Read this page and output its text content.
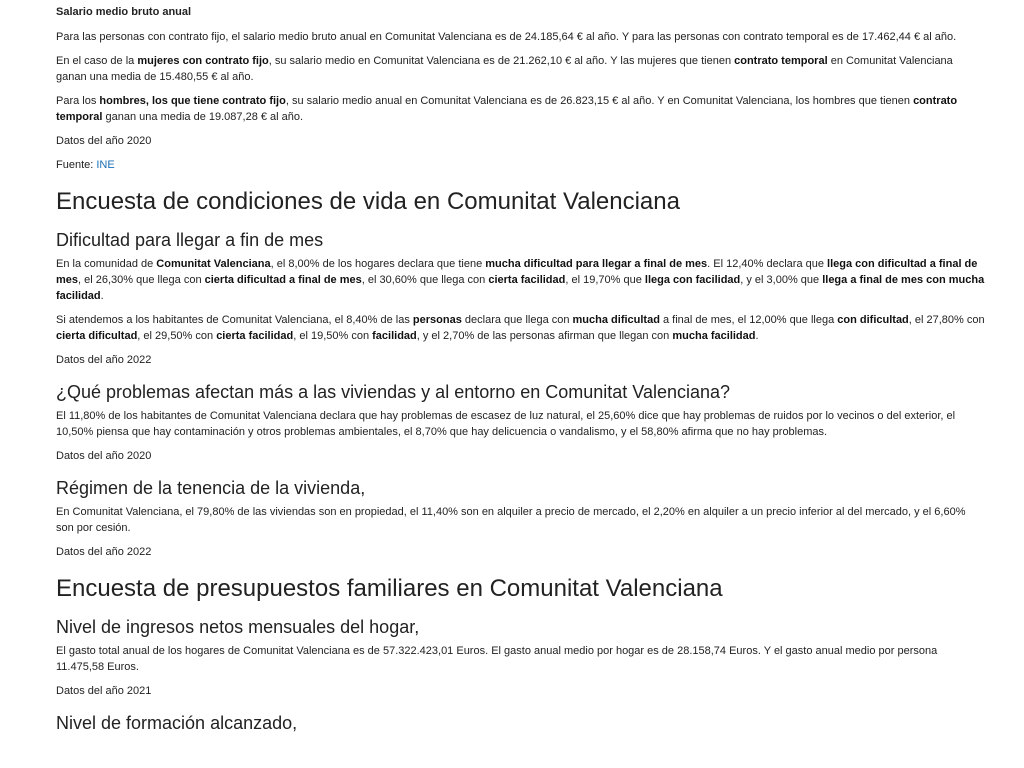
Salario medio bruto anual

Para las personas con contrato fijo, el salario medio bruto anual en Comunitat Valenciana es de 24.185,64 € al año. Y para las personas con contrato temporal es de 17.462,44 € al año.

En el caso de la mujeres con contrato fijo, su salario medio en Comunitat Valenciana es de 21.262,10 € al año. Y las mujeres que tienen contrato temporal en Comunitat Valenciana ganan una media de 15.480,55 € al año.

Para los hombres, los que tiene contrato fijo, su salario medio anual en Comunitat Valenciana es de 26.823,15 € al año. Y en Comunitat Valenciana, los hombres que tienen contrato temporal ganan una media de 19.087,28 € al año.

Datos del año 2020

Fuente: INE

Encuesta de condiciones de vida en Comunitat Valenciana
Dificultad para llegar a fin de mes

En la comunidad de Comunitat Valenciana, el 8,00% de los hogares declara que tiene mucha dificultad para llegar a final de mes. El 12,40% declara que llega con dificultad a final de mes, el 26,30% que llega con cierta dificultad a final de mes, el 30,60% que llega con cierta facilidad, el 19,70% que llega con facilidad, y el 3,00% que llega a final de mes con mucha facilidad.

Si atendemos a los habitantes de Comunitat Valenciana, el 8,40% de las personas declara que llega con mucha dificultad a final de mes, el 12,00% que llega con dificultad, el 27,80% con cierta dificultad, el 29,50% con cierta facilidad, el 19,50% con facilidad, y el 2,70% de las personas afirman que llegan con mucha facilidad.

Datos del año 2022

¿Qué problemas afectan más a las viviendas y al entorno en Comunitat Valenciana?

El 11,80% de los habitantes de Comunitat Valenciana declara que hay problemas de escasez de luz natural, el 25,60% dice que hay problemas de ruidos por lo vecinos o del exterior, el 10,50% piensa que hay contaminación y otros problemas ambientales, el 8,70% que hay delicuencia o vandalismo, y el 58,80% afirma que no hay problemas.

Datos del año 2020

Régimen de la tenencia de la vivienda,

En Comunitat Valenciana, el 79,80% de las viviendas son en propiedad, el 11,40% son en alquiler a precio de mercado, el 2,20% en alquiler a un precio inferior al del mercado, y el 6,60% son por cesión.

Datos del año 2022

Encuesta de presupuestos familiares en Comunitat Valenciana
Nivel de ingresos netos mensuales del hogar,

El gasto total anual de los hogares de Comunitat Valenciana es de 57.322.423,01 Euros. El gasto anual medio por hogar es de 28.158,74 Euros. Y el gasto anual medio por persona 11.475,58 Euros.

Datos del año 2021

Nivel de formación alcanzado,
